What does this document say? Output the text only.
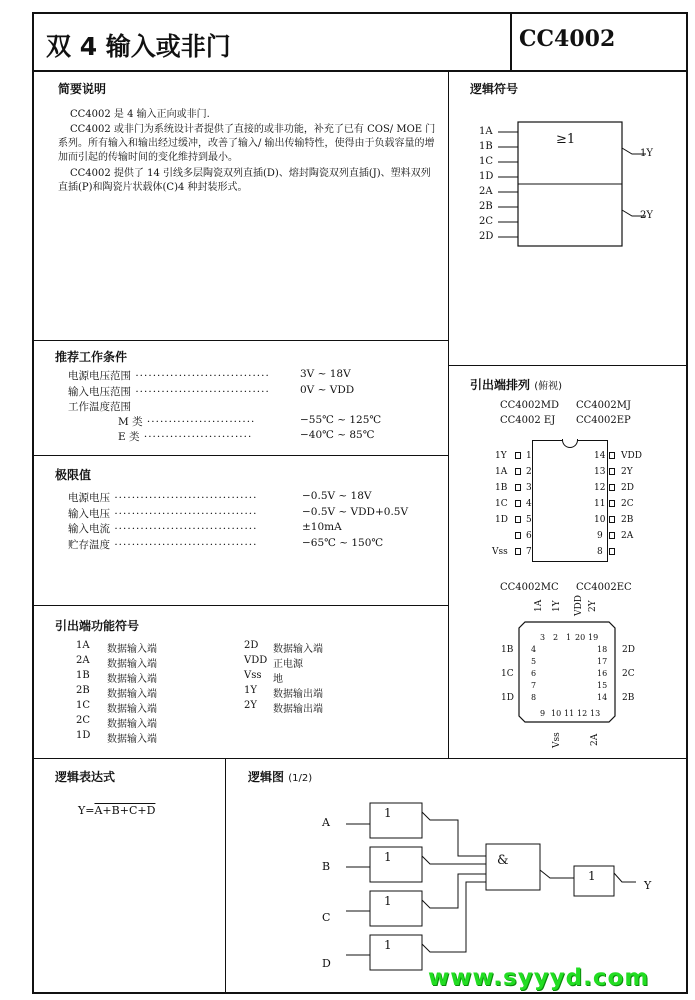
双 4 输入或非门	CC4002
简要说明
CC4002 是 4 输入正向或非门.
CC4002 或非门为系统设计者提供了直接的或非功能，补充了已有 COS/ MOE 门系列。所有输入和输出经过缓冲，改善了输入/ 输出传输特性，使得由于负载容量的增加而引起的传输时间的变化维持到最小。
CC4002 提供了 14 引线多层陶瓷双列直插(D)、熔封陶瓷双列直插(J)、塑料双列直插(P)和陶瓷片状载体(C)4 种封装形式。
逻辑符号
≥1
1A
1B
1C
1D
2A
2B
2C
2D
1Y
2Y
推荐工作条件
电源电压范围 ·······························	3V ~ 18V
输入电压范围 ·······························	0V ~ VDD
工作温度范围
M 类 ·························	−55℃ ~ 125℃
E 类 ·························	−40℃ ~ 85℃
极限值
电源电压 ·································	−0.5V ~ 18V
输入电压 ·································	−0.5V ~ VDD+0.5V
输入电流 ·································	±10mA
贮存温度 ·································	−65℃ ~ 150℃
引出端功能符号
1A 数据输入端
2A 数据输入端
1B 数据输入端
2B 数据输入端
1C 数据输入端
2C 数据输入端
1D 数据输入端
2D 数据输入端
VDD 正电源
Vss 地
1Y 数据输出端
2Y 数据输出端
引出端排列 (俯视)
CC4002MD CC4002MJ
CC4002 EJ CC4002EP
1Y 1
1A 2
1B 3
1C 4
1D 5
6
Vss 7
14 VDD
13 2Y
12 2D
11 2C
10 2B
9 2A
8
CC4002MC CC4002EC
1A 1Y VDD 2Y
3 2 1 20 19
1B 4
5
1C 6
7
1D 8
18 2D
17
16 2C
15
14 2B
9 10 11 12 13
Vss	2A
逻辑表达式
Y=A+B+C+D
逻辑图 (1/2)
A
B
C
D
1
1
1
1
&
1
Y
www.syyyd.com
